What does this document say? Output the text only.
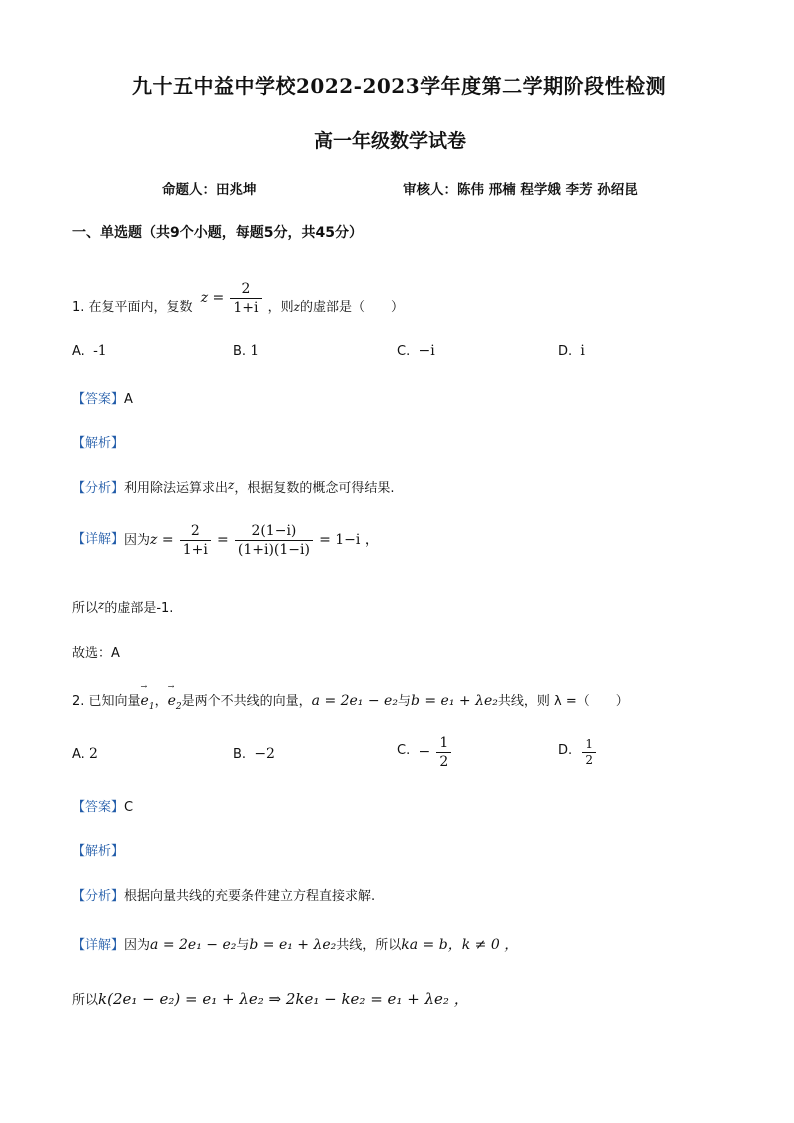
九十五中益中学校2022-2023学年度第二学期阶段性检测
高一年级数学试卷
命题人：田兆坤	审核人：陈伟 邢楠 程学娥 李芳 孙绍昆
一、单选题（共9个小题，每题5分，共45分）
1. 在复平面内，复数 $z = \frac{2}{1+i}$ ，则z的虚部是（　　）
A. -1	B. 1	C. −i	D. i
【答案】A
【解析】
【分析】利用除法运算求出z，根据复数的概念可得结果.
【详解】因为$z = \frac{2}{1+i} = \frac{2(1-i)}{(1+i)(1-i)} = 1-i$ ，
所以z的虚部是-1.
故选：A
2. 已知向量→ $e_1$，→ $e_2$是两个不共线的向量，a = 2e₁ − e₂与b = e₁ + λe₂共线，则 λ =（　　）
A. 2	B. −2	C. − $\frac{1}{2}$	D. $\frac{1}{2}$
【答案】C
【解析】
【分析】根据向量共线的充要条件建立方程直接求解.
【详解】因为a = 2e₁ − e₂与b = e₁ + λe₂共线，所以ka = b，k ≠ 0 ，
所以k(2e₁ − e₂) = e₁ + λe₂ ⇒ 2ke₁ − ke₂ = e₁ + λe₂ ，
